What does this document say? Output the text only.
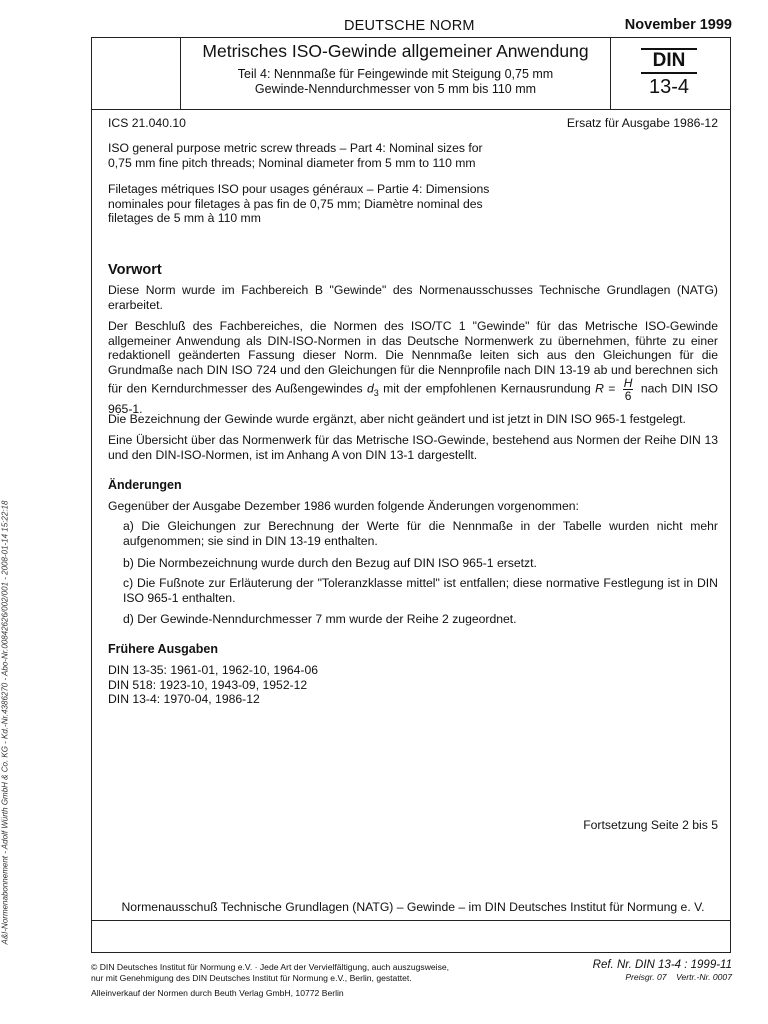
DEUTSCHE NORM	November 1999
Metrisches ISO-Gewinde allgemeiner Anwendung
Teil 4: Nennmaße für Feingewinde mit Steigung 0,75 mm
Gewinde-Nenndurchmesser von 5 mm bis 110 mm
DIN
13-4
ICS 21.040.10	Ersatz für Ausgabe 1986-12
ISO general purpose metric screw threads – Part 4: Nominal sizes for 0,75 mm fine pitch threads; Nominal diameter from 5 mm to 110 mm
Filetages métriques ISO pour usages généraux – Partie 4: Dimensions nominales pour filetages à pas fin de 0,75 mm; Diamètre nominal des filetages de 5 mm à 110 mm
Vorwort
Diese Norm wurde im Fachbereich B "Gewinde" des Normenausschusses Technische Grundlagen (NATG) erarbeitet.
Der Beschluß des Fachbereiches, die Normen des ISO/TC 1 "Gewinde" für das Metrische ISO-Gewinde allgemeiner Anwendung als DIN-ISO-Normen in das Deutsche Normenwerk zu übernehmen, führte zu einer redaktionell geänderten Fassung dieser Norm. Die Nennmaße leiten sich aus den Gleichungen für die Grundmaße nach DIN ISO 724 und den Gleichungen für die Nennprofile nach DIN 13-19 ab und berechnen sich für den Kerndurchmesser des Außengewindes $d_3$ mit der empfohlenen Kernausrundung $R = \frac{H}{6}$ nach DIN ISO 965-1.
Die Bezeichnung der Gewinde wurde ergänzt, aber nicht geändert und ist jetzt in DIN ISO 965-1 festgelegt.
Eine Übersicht über das Normenwerk für das Metrische ISO-Gewinde, bestehend aus Normen der Reihe DIN 13 und den DIN-ISO-Normen, ist im Anhang A von DIN 13-1 dargestellt.
Änderungen
Gegenüber der Ausgabe Dezember 1986 wurden folgende Änderungen vorgenommen:
a) Die Gleichungen zur Berechnung der Werte für die Nennmaße in der Tabelle wurden nicht mehr aufgenommen; sie sind in DIN 13-19 enthalten.
b) Die Normbezeichnung wurde durch den Bezug auf DIN ISO 965-1 ersetzt.
c) Die Fußnote zur Erläuterung der "Toleranzklasse mittel" ist entfallen; diese normative Festlegung ist in DIN ISO 965-1 enthalten.
d) Der Gewinde-Nenndurchmesser 7 mm wurde der Reihe 2 zugeordnet.
Frühere Ausgaben
DIN 13-35: 1961-01, 1962-10, 1964-06
DIN 518: 1923-10, 1943-09, 1952-12
DIN 13-4: 1970-04, 1986-12
Fortsetzung Seite 2 bis 5
Normenausschuß Technische Grundlagen (NATG) – Gewinde – im DIN Deutsches Institut für Normung e. V.
A&I-Normenabonnement - Adolf Würth GmbH & Co. KG - Kd.-Nr.4386270 - Abo-Nr.00842626/002/001 - 2008-01-14 15:22:18
© DIN Deutsches Institut für Normung e.V. · Jede Art der Vervielfältigung, auch auszugsweise,
nur mit Genehmigung des DIN Deutsches Institut für Normung e.V., Berlin, gestattet.
Alleinverkauf der Normen durch Beuth Verlag GmbH, 10772 Berlin
Ref. Nr. DIN 13-4 : 1999-11
Preisgr. 07    Vertr.-Nr. 0007
